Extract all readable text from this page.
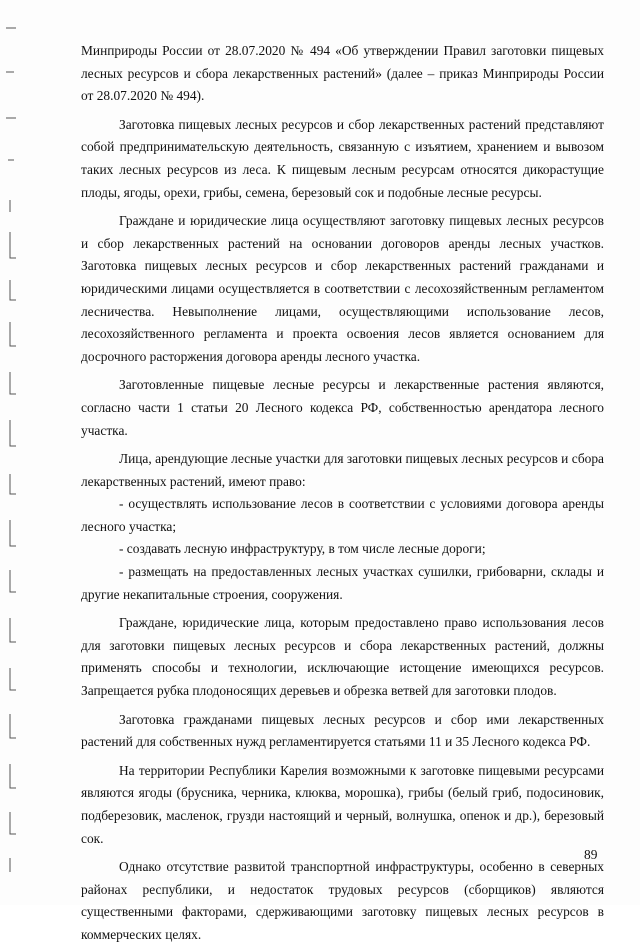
Минприроды России от 28.07.2020 № 494 «Об утверждении Правил заготовки пищевых лесных ресурсов и сбора лекарственных растений» (далее – приказ Минприроды России от 28.07.2020 № 494).

Заготовка пищевых лесных ресурсов и сбор лекарственных растений представляют собой предпринимательскую деятельность, связанную с изъятием, хранением и вывозом таких лесных ресурсов из леса. К пищевым лесным ресурсам относятся дикорастущие плоды, ягоды, орехи, грибы, семена, березовый сок и подобные лесные ресурсы.

Граждане и юридические лица осуществляют заготовку пищевых лесных ресурсов и сбор лекарственных растений на основании договоров аренды лесных участков. Заготовка пищевых лесных ресурсов и сбор лекарственных растений гражданами и юридическими лицами осуществляется в соответствии с лесохозяйственным регламентом лесничества. Невыполнение лицами, осуществляющими использование лесов, лесохозяйственного регламента и проекта освоения лесов является основанием для досрочного расторжения договора аренды лесного участка.

Заготовленные пищевые лесные ресурсы и лекарственные растения являются, согласно части 1 статьи 20 Лесного кодекса РФ, собственностью арендатора лесного участка.

Лица, арендующие лесные участки для заготовки пищевых лесных ресурсов и сбора лекарственных растений, имеют право:

- осуществлять использование лесов в соответствии с условиями договора аренды лесного участка;

- создавать лесную инфраструктуру, в том числе лесные дороги;

- размещать на предоставленных лесных участках сушилки, грибоварни, склады и другие некапитальные строения, сооружения.

Граждане, юридические лица, которым предоставлено право использования лесов для заготовки пищевых лесных ресурсов и сбора лекарственных растений, должны применять способы и технологии, исключающие истощение имеющихся ресурсов. Запрещается рубка плодоносящих деревьев и обрезка ветвей для заготовки плодов.

Заготовка гражданами пищевых лесных ресурсов и сбор ими лекарственных растений для собственных нужд регламентируется статьями 11 и 35 Лесного кодекса РФ.

На территории Республики Карелия возможными к заготовке пищевыми ресурсами являются ягоды (брусника, черника, клюква, морошка), грибы (белый гриб, подосиновик, подберезовик, масленок, грузди настоящий и черный, волнушка, опенок и др.), березовый сок.

Однако отсутствие развитой транспортной инфраструктуры, особенно в северных районах республики, и недостаток трудовых ресурсов (сборщиков) являются существенными факторами, сдерживающими заготовку пищевых лесных ресурсов в коммерческих целях.

89
